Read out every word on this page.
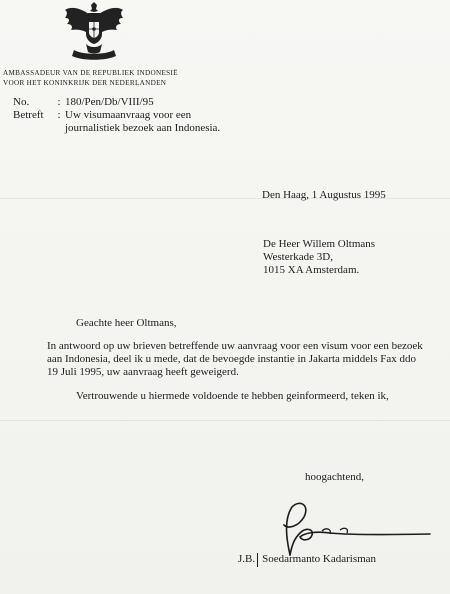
AMBASSADEUR VAN DE REPUBLIEK INDONESIË
VOOR HET KONINKRIJK DER NEDERLANDEN
No.	: 180/Pen/Db/VIII/95
Betreft	: Uw visumaanvraag voor een
journalistiek bezoek aan Indonesia.
Den Haag, 1 Augustus 1995
De Heer Willem Oltmans
Westerkade 3D,
1015 XA Amsterdam.
Geachte heer Oltmans,
In antwoord op uw brieven betreffende uw aanvraag voor een visum voor een bezoek aan Indonesia, deel ik u mede, dat de bevoegde instantie in Jakarta middels Fax ddo 19 Juli 1995, uw aanvraag heeft geweigerd.
Vertrouwende u hiermede voldoende te hebben geinformeerd, teken ik,
hoogachtend,
J.B. Soedarmanto Kadarisman
